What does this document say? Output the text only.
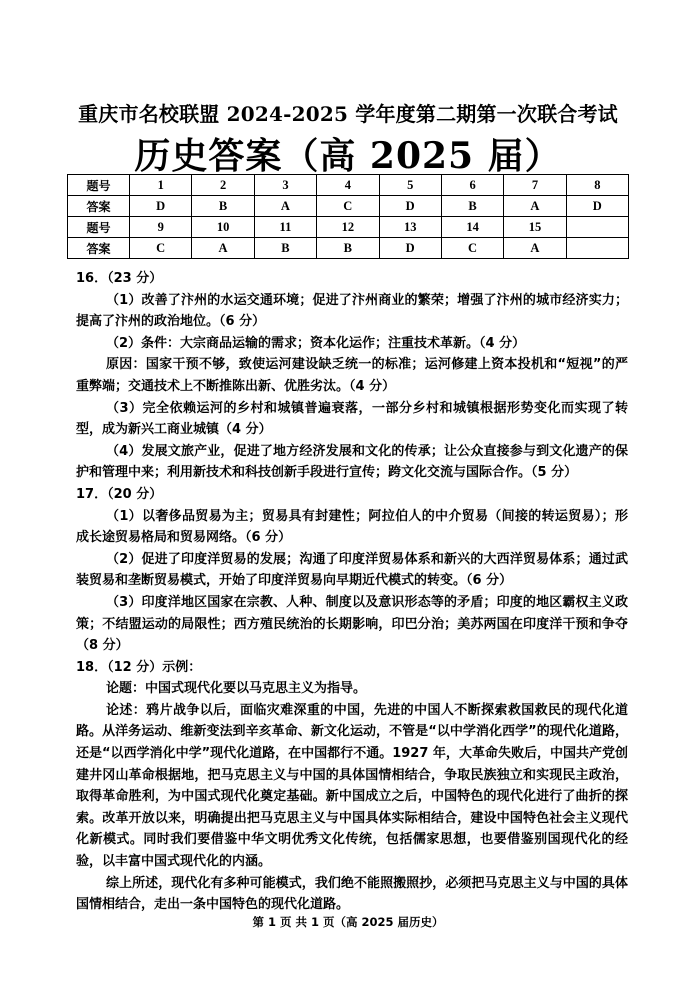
重庆市名校联盟 2024-2025 学年度第二期第一次联合考试
历史答案（高 2025 届）
题号	1	2	3	4	5	6	7	8
答案	D	B	A	C	D	B	A	D
题号	9	10	11	12	13	14	15	
答案	C	A	B	B	D	C	A	

16．（23 分）

（1）改善了汴州的水运交通环境；促进了汴州商业的繁荣；增强了汴州的城市经济实力；提高了汴州的政治地位。（6 分）

（2）条件：大宗商品运输的需求；资本化运作；注重技术革新。（4 分）

原因：国家干预不够，致使运河建设缺乏统一的标准；运河修建上资本投机和“短视”的严重弊端；交通技术上不断推陈出新、优胜劣汰。（4 分）

（3）完全依赖运河的乡村和城镇普遍衰落，一部分乡村和城镇根据形势变化而实现了转型，成为新兴工商业城镇（4 分）

（4）发展文旅产业，促进了地方经济发展和文化的传承；让公众直接参与到文化遗产的保护和管理中来；利用新技术和科技创新手段进行宣传；跨文化交流与国际合作。（5 分）

17．（20 分）

（1）以奢侈品贸易为主；贸易具有封建性；阿拉伯人的中介贸易（间接的转运贸易）；形成长途贸易格局和贸易网络。（6 分）

（2）促进了印度洋贸易的发展；沟通了印度洋贸易体系和新兴的大西洋贸易体系；通过武装贸易和垄断贸易模式，开始了印度洋贸易向早期近代模式的转变。（6 分）

（3）印度洋地区国家在宗教、人种、制度以及意识形态等的矛盾；印度的地区霸权主义政策；不结盟运动的局限性；西方殖民统治的长期影响，印巴分治；美苏两国在印度洋干预和争夺（8 分）

18．（12 分）示例：

论题：中国式现代化要以马克思主义为指导。

论述：鸦片战争以后，面临灾难深重的中国，先进的中国人不断探索救国救民的现代化道路。从洋务运动、维新变法到辛亥革命、新文化运动，不管是“以中学消化西学”的现代化道路，还是“以西学消化中学”现代化道路，在中国都行不通。1927 年，大革命失败后，中国共产党创建井冈山革命根据地，把马克思主义与中国的具体国情相结合，争取民族独立和实现民主政治，取得革命胜利，为中国式现代化奠定基础。新中国成立之后，中国特色的现代化进行了曲折的探索。改革开放以来，明确提出把马克思主义与中国具体实际相结合，建设中国特色社会主义现代化新模式。同时我们要借鉴中华文明优秀文化传统，包括儒家思想，也要借鉴别国现代化的经验，以丰富中国式现代化的内涵。

综上所述，现代化有多种可能模式，我们绝不能照搬照抄，必须把马克思主义与中国的具体国情相结合，走出一条中国特色的现代化道路。

第 1 页 共 1 页（高 2025 届历史）
